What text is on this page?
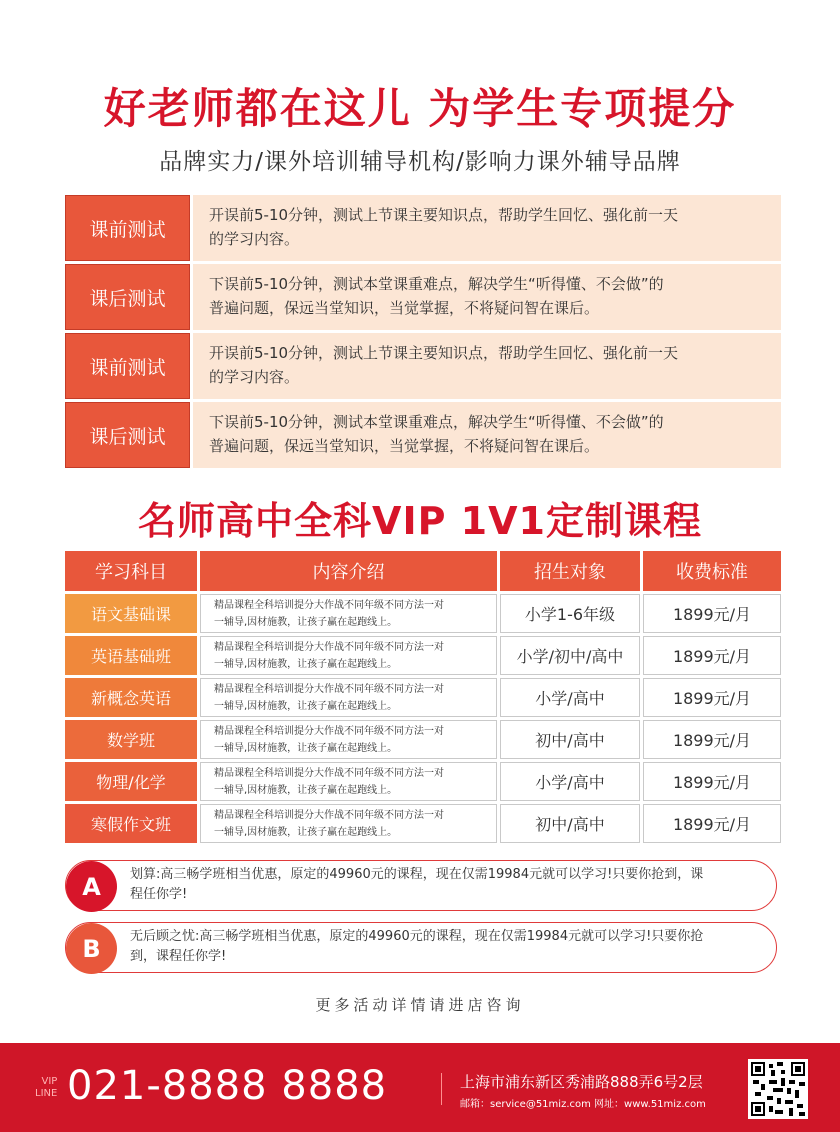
好老师都在这儿 为学生专项提分
品牌实力/课外培训辅导机构/影响力课外辅导品牌
课前测试
开误前5-10分钟，测试上节课主要知识点，帮助学生回忆、强化前一天
的学习内容。
课后测试
下误前5-10分钟，测试本堂课重难点，解决学生“听得懂、不会做”的
普遍问题，保远当堂知识，当觉掌握，不将疑问智在课后。
课前测试
开误前5-10分钟，测试上节课主要知识点，帮助学生回忆、强化前一天
的学习内容。
课后测试
下误前5-10分钟，测试本堂课重难点，解决学生“听得懂、不会做”的
普遍问题，保远当堂知识，当觉掌握，不将疑问智在课后。
名师高中全科VIP 1V1定制课程
学习科目	内容介绍	招生对象	收费标准
语文基础课	精品课程全科培训提分大作战不同年级不同方法一对
一辅导,因材施教，让孩子赢在起跑线上。	小学1-6年级	1899元/月
英语基础班	精品课程全科培训提分大作战不同年级不同方法一对
一辅导,因材施教，让孩子赢在起跑线上。	小学/初中/高中	1899元/月
新概念英语	精品课程全科培训提分大作战不同年级不同方法一对
一辅导,因材施教，让孩子赢在起跑线上。	小学/高中	1899元/月
数学班	精品课程全科培训提分大作战不同年级不同方法一对
一辅导,因材施教，让孩子赢在起跑线上。	初中/高中	1899元/月
物理/化学	精品课程全科培训提分大作战不同年级不同方法一对
一辅导,因材施教，让孩子赢在起跑线上。	小学/高中	1899元/月
寒假作文班	精品课程全科培训提分大作战不同年级不同方法一对
一辅导,因材施教，让孩子赢在起跑线上。	初中/高中	1899元/月
A	划算:高三畅学班相当优惠，原定的49960元的课程，现在仅需19984元就可以学习!只要你抢到，课
程任你学!
B	无后顾之忧:高三畅学班相当优惠，原定的49960元的课程，现在仅需19984元就可以学习!只要你抢
到，课程任你学!
更多活动详情请进店咨询
VIP
LINE 021-8888 8888	上海市浦东新区秀浦路888弄6号2层
邮箱：service@51miz.com 网址：www.51miz.com
